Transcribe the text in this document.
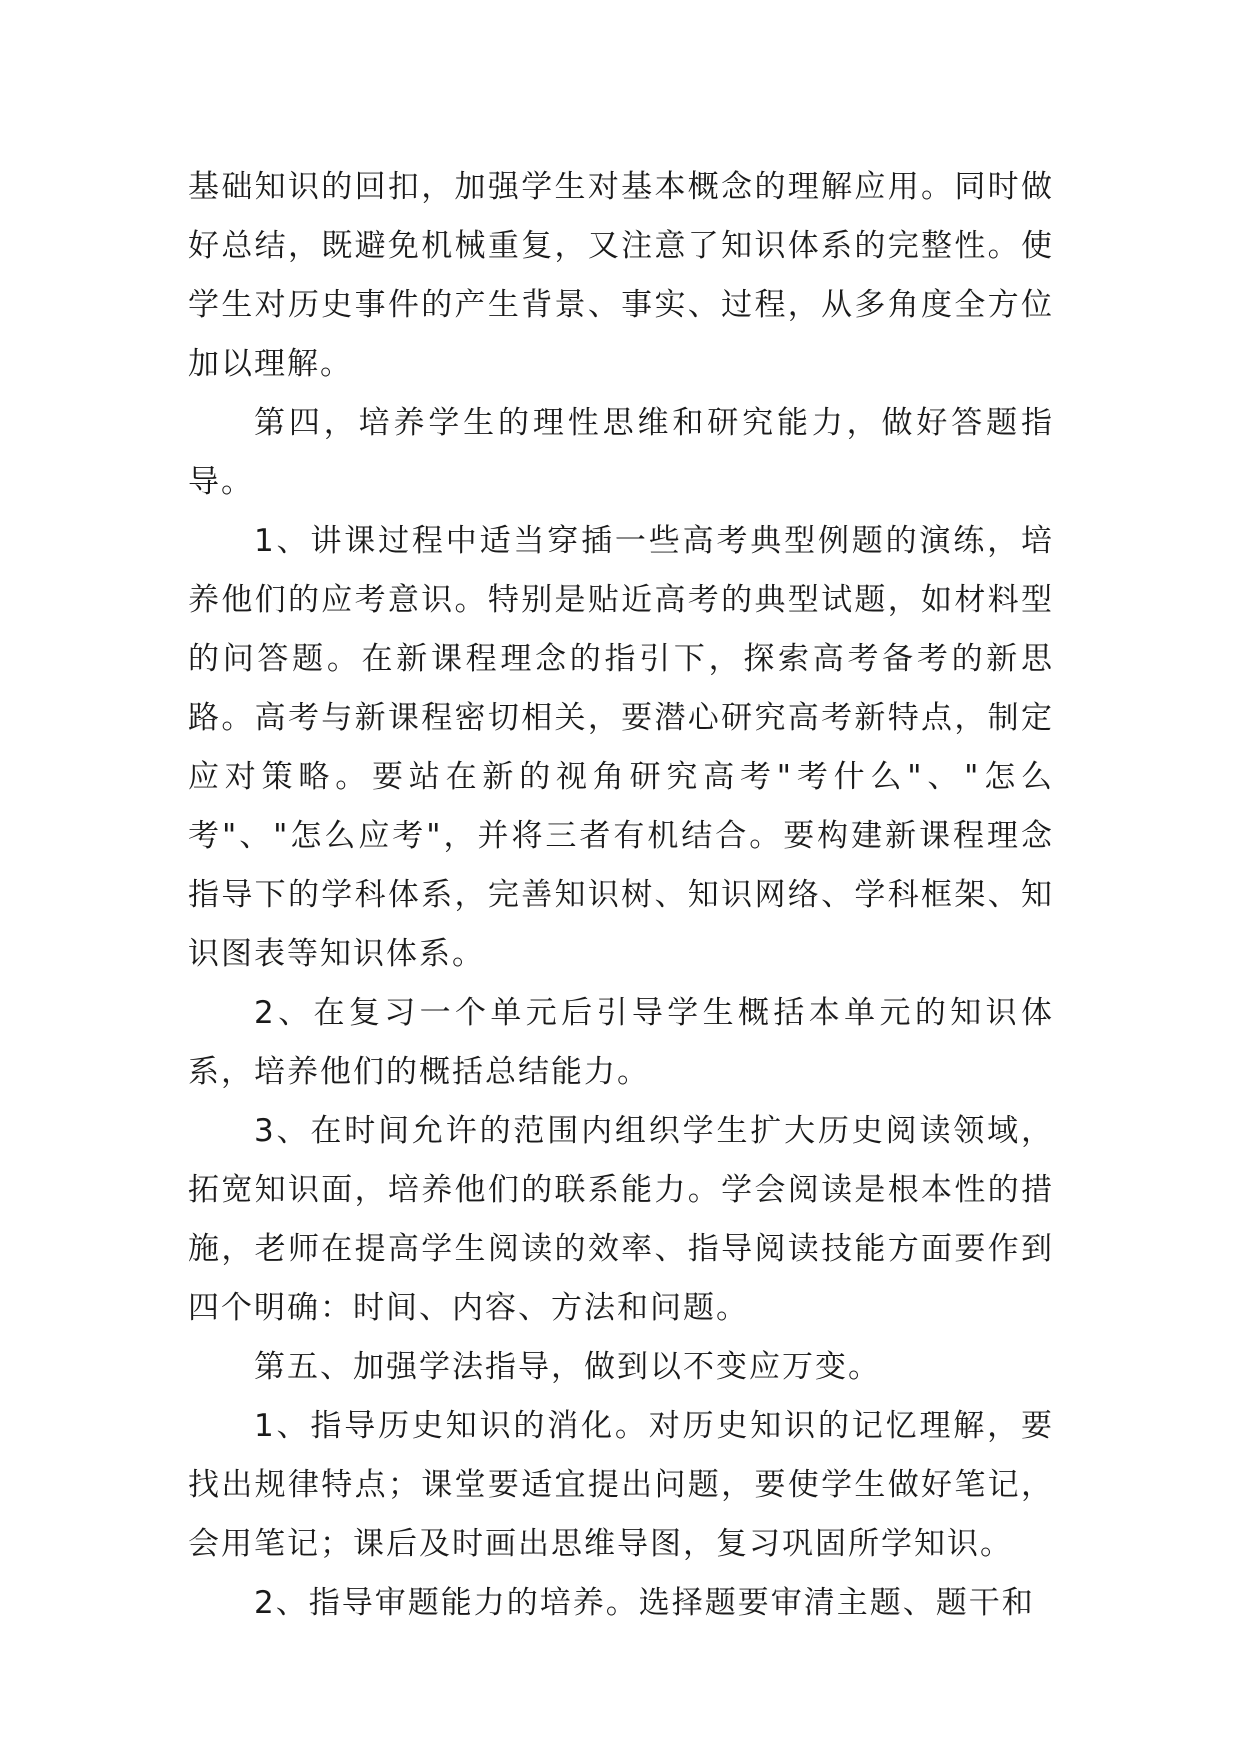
基础知识的回扣，加强学生对基本概念的理解应用。同时做好总结，既避免机械重复，又注意了知识体系的完整性。使学生对历史事件的产生背景、事实、过程，从多角度全方位加以理解。

第四，培养学生的理性思维和研究能力，做好答题指导。

1、讲课过程中适当穿插一些高考典型例题的演练，培养他们的应考意识。特别是贴近高考的典型试题，如材料型的问答题。在新课程理念的指引下，探索高考备考的新思路。高考与新课程密切相关，要潜心研究高考新特点，制定应对策略。要站在新的视角研究高考"考什么"、"怎么考"、"怎么应考"，并将三者有机结合。要构建新课程理念指导下的学科体系，完善知识树、知识网络、学科框架、知识图表等知识体系。

2、在复习一个单元后引导学生概括本单元的知识体系，培养他们的概括总结能力。

3、在时间允许的范围内组织学生扩大历史阅读领域，拓宽知识面，培养他们的联系能力。学会阅读是根本性的措施，老师在提高学生阅读的效率、指导阅读技能方面要作到四个明确：时间、内容、方法和问题。

第五、加强学法指导，做到以不变应万变。

1、指导历史知识的消化。对历史知识的记忆理解，要找出规律特点；课堂要适宜提出问题，要使学生做好笔记，会用笔记；课后及时画出思维导图，复习巩固所学知识。

2、指导审题能力的培养。选择题要审清主题、题干和
